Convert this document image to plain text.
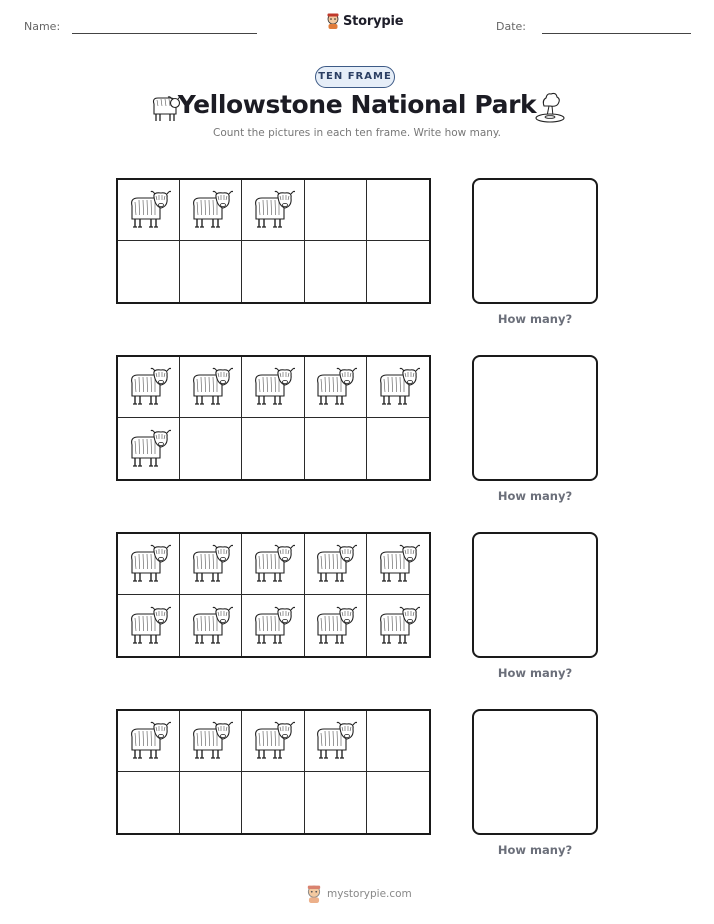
Name:	Storypie	Date:
TEN FRAME
Yellowstone National Park
Count the pictures in each ten frame. Write how many.
How many?
How many?
How many?
How many?
mystorypie.com
